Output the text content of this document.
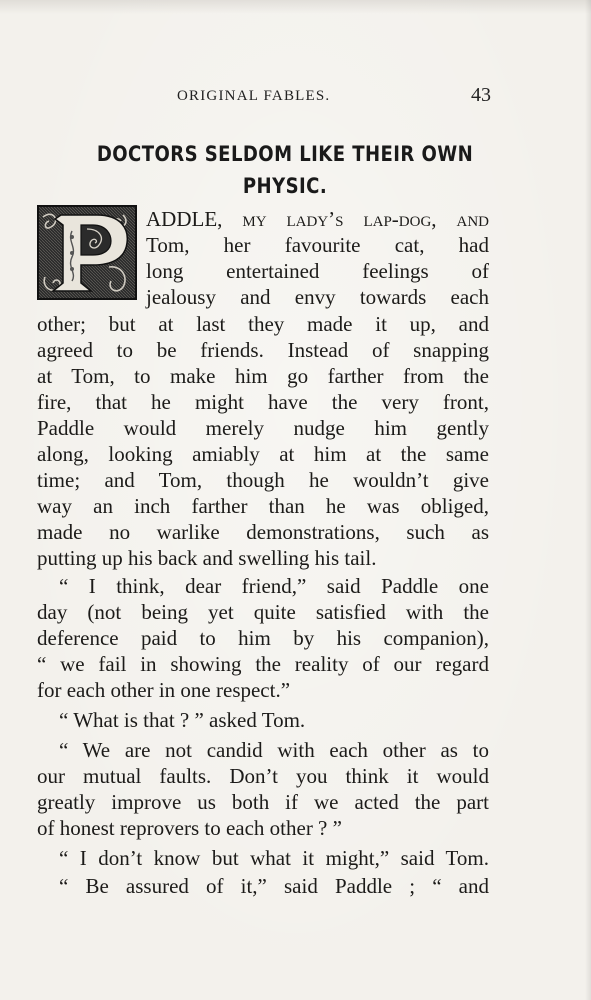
ORIGINAL FABLES.	43
DOCTORS SELDOM LIKE THEIR OWN
PHYSIC.
ADDLE, my lady’s lap-dog, and
Tom, her favourite cat, had
long entertained feelings of
jealousy and envy towards each
other; but at last they made it up, and
agreed to be friends. Instead of snapping
at Tom, to make him go farther from the
fire, that he might have the very front,
Paddle would merely nudge him gently
along, looking amiably at him at the same
time; and Tom, though he wouldn’t give
way an inch farther than he was obliged,
made no warlike demonstrations, such as
putting up his back and swelling his tail.
“ I think, dear friend,” said Paddle one
day (not being yet quite satisfied with the
deference paid to him by his companion),
“ we fail in showing the reality of our regard
for each other in one respect.”
“ What is that ? ” asked Tom.
“ We are not candid with each other as to
our mutual faults. Don’t you think it would
greatly improve us both if we acted the part
of honest reprovers to each other ? ”
“ I don’t know but what it might,” said Tom.
“ Be assured of it,” said Paddle ; “ and
